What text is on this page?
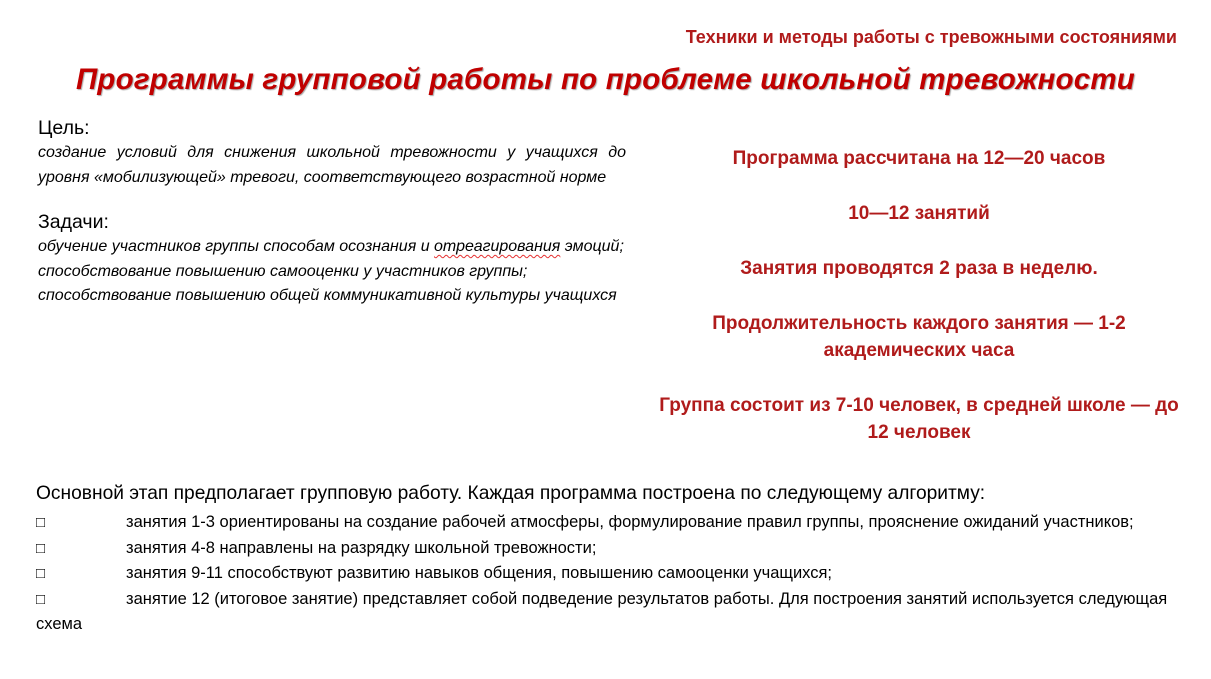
Техники и методы работы с тревожными состояниями
Программы групповой работы по проблеме школьной тревожности
Цель:
создание условий для снижения школьной тревожности у учащихся до уровня «мобилизующей» тревоги, соответствующего возрастной норме
Задачи:
обучение участников группы способам осознания и отреагирования эмоций;
способствование повышению самооценки у участников группы;
способствование повышению общей коммуникативной культуры учащихся

Программа рассчитана на 12—20 часов

10—12 занятий

Занятия проводятся 2 раза в неделю.

Продолжительность каждого занятия — 1-2 академических часа

Группа состоит из 7-10 человек, в средней школе — до 12 человек

Основной этап предполагает групповую работу. Каждая программа построена по следующему алгоритму:
□	занятия 1-3 ориентированы на создание рабочей атмосферы, формулирование правил группы, прояснение ожиданий участников;
□	занятия 4-8 направлены на разрядку школьной тревожности;
□	занятия 9-11 способствуют развитию навыков общения, повышению самооценки учащихся;
□	занятие 12 (итоговое занятие) представляет собой подведение результатов работы. Для построения занятий используется следующая схема
